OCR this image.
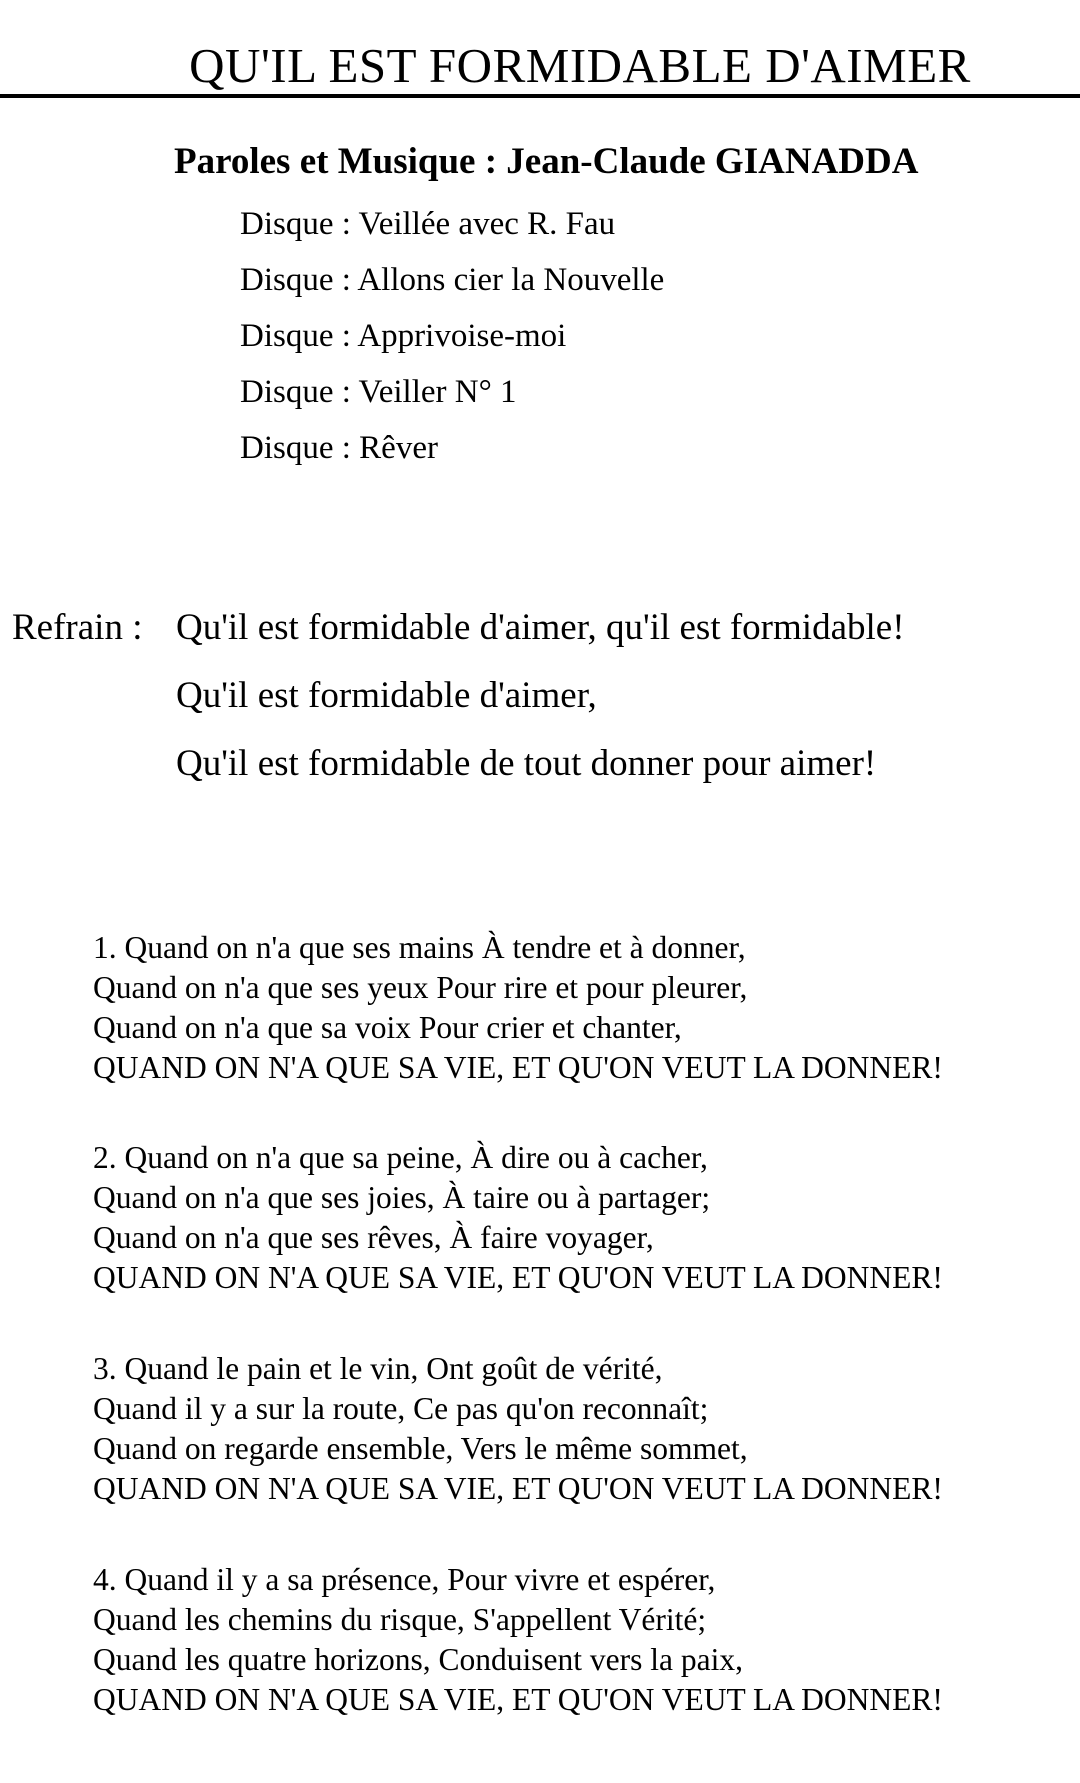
QU'IL EST FORMIDABLE D'AIMER
Paroles et Musique : Jean-Claude GIANADDA
Disque : Veillée avec R. Fau
Disque : Allons cier la Nouvelle
Disque : Apprivoise-moi
Disque : Veiller N° 1
Disque : Rêver
Refrain : Qu'il est formidable d'aimer, qu'il est formidable!
Qu'il est formidable d'aimer,
Qu'il est formidable de tout donner pour aimer!
1. Quand on n'a que ses mains À tendre et à donner,
Quand on n'a que ses yeux Pour rire et pour pleurer,
Quand on n'a que sa voix Pour crier et chanter,
QUAND ON N'A QUE SA VIE, ET QU'ON VEUT LA DONNER!
2. Quand on n'a que sa peine, À dire ou à cacher,
Quand on n'a que ses joies, À taire ou à partager;
Quand on n'a que ses rêves, À faire voyager,
QUAND ON N'A QUE SA VIE, ET QU'ON VEUT LA DONNER!
3. Quand le pain et le vin, Ont goût de vérité,
Quand il y a sur la route, Ce pas qu'on reconnaît;
Quand on regarde ensemble, Vers le même sommet,
QUAND ON N'A QUE SA VIE, ET QU'ON VEUT LA DONNER!
4. Quand il y a sa présence, Pour vivre et espérer,
Quand les chemins du risque, S'appellent Vérité;
Quand les quatre horizons, Conduisent vers la paix,
QUAND ON N'A QUE SA VIE, ET QU'ON VEUT LA DONNER!
